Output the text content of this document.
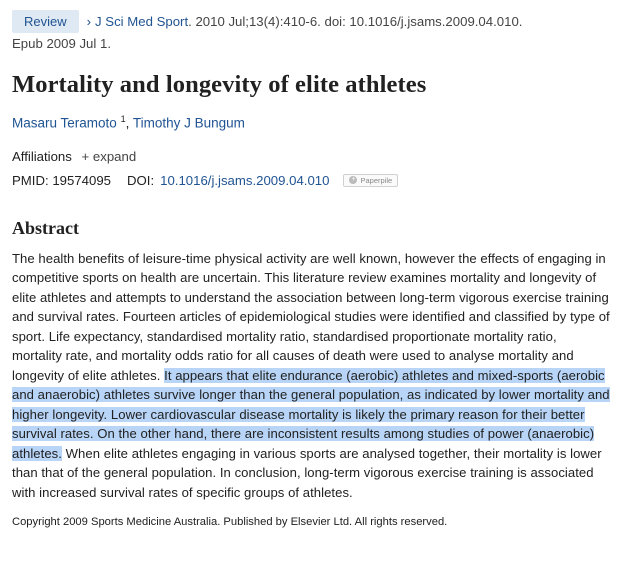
Review › J Sci Med Sport. 2010 Jul;13(4):410-6. doi: 10.1016/j.jsams.2009.04.010.
Epub 2009 Jul 1.
Mortality and longevity of elite athletes
Masaru Teramoto $^1$, Timothy J Bungum
Affiliations + expand
PMID:
19574095 DOI: 10.1016/j.jsams.2009.04.010	+ Paperpile
Abstract
The health benefits of leisure-time physical activity are well known, however the effects of engaging in competitive sports on health are uncertain. This literature review examines mortality and longevity of elite athletes and attempts to understand the association between long-term vigorous exercise training and survival rates. Fourteen articles of epidemiological studies were identified and classified by type of sport. Life expectancy, standardised mortality ratio, standardised proportionate mortality ratio, mortality rate, and mortality odds ratio for all causes of death were used to analyse mortality and longevity of elite athletes. It appears that elite endurance (aerobic) athletes and mixed-sports (aerobic and anaerobic) athletes survive longer than the general population, as indicated by lower mortality and higher longevity. Lower cardiovascular disease mortality is likely the primary reason for their better survival rates. On the other hand, there are inconsistent results among studies of power (anaerobic) athletes. When elite athletes engaging in various sports are analysed together, their mortality is lower than that of the general population. In conclusion, long-term vigorous exercise training is associated with increased survival rates of specific groups of athletes.
Copyright 2009 Sports Medicine Australia. Published by Elsevier Ltd. All rights reserved.
